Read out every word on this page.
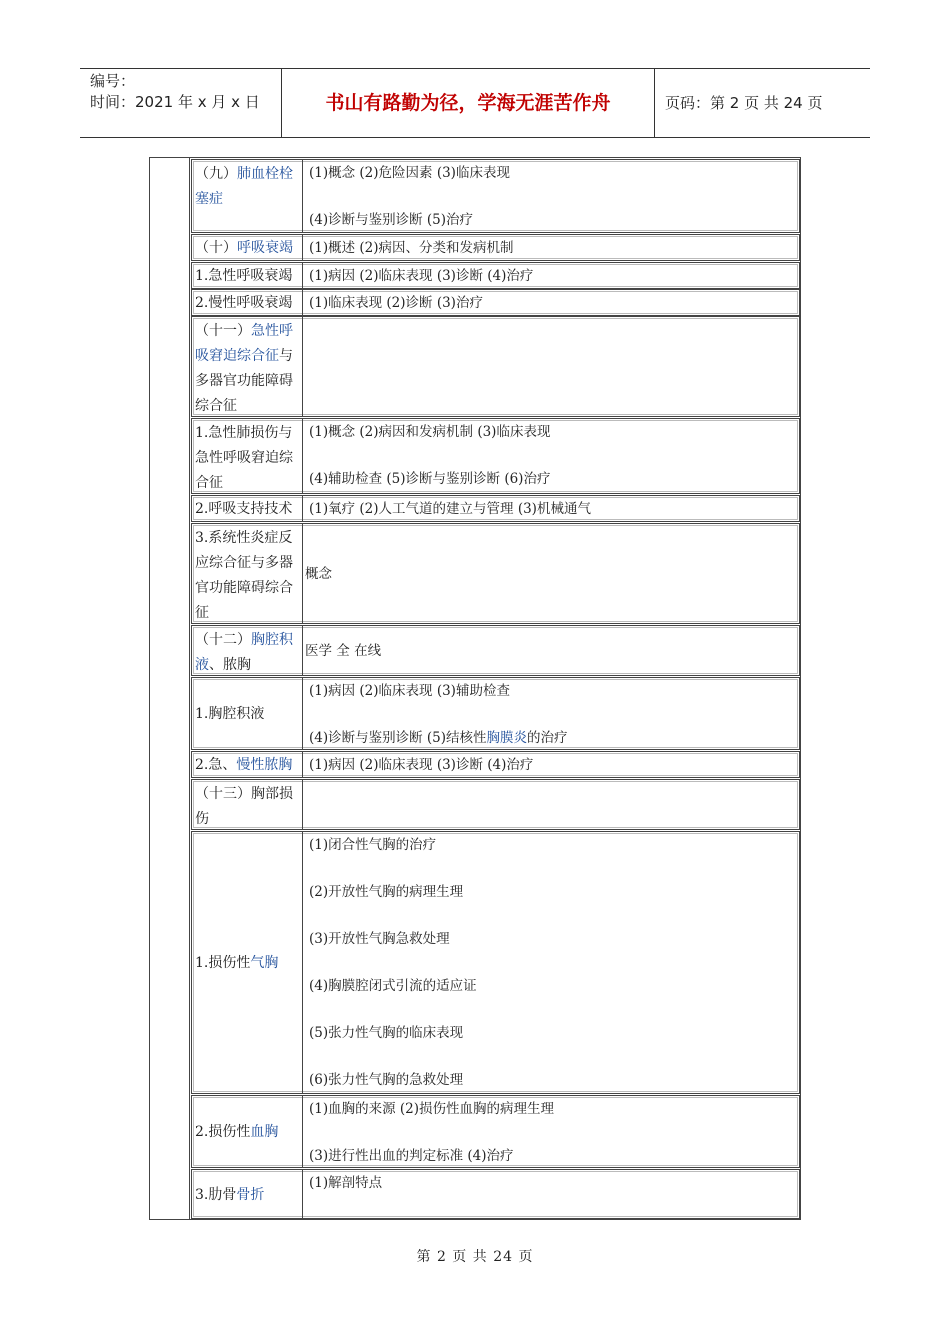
编号：
时间：2021 年 x 月 x 日	书山有路勤为径，学海无涯苦作舟	页码：第 2 页 共 24 页
（九）肺血栓栓塞症
(1)概念 (2)危险因素 (3)临床表现
(4)诊断与鉴别诊断 (5)治疗
（十）呼吸衰竭 (1)概述 (2)病因、分类和发病机制
1.急性呼吸衰竭 (1)病因 (2)临床表现 (3)诊断 (4)治疗
2.慢性呼吸衰竭 (1)临床表现 (2)诊断 (3)治疗
（十一）急性呼吸窘迫综合征与多器官功能障碍综合征
1.急性肺损伤与急性呼吸窘迫综合征
(1)概念 (2)病因和发病机制 (3)临床表现
(4)辅助检查 (5)诊断与鉴别诊断 (6)治疗
2.呼吸支持技术 (1)氧疗 (2)人工气道的建立与管理 (3)机械通气
3.系统性炎症反应综合征与多器官功能障碍综合征
概念
（十二）胸腔积液、脓胸
医学 全 在线
1.胸腔积液
(1)病因 (2)临床表现 (3)辅助检查
(4)诊断与鉴别诊断 (5)结核性胸膜炎的治疗
2.急、慢性脓胸 (1)病因 (2)临床表现 (3)诊断 (4)治疗
（十三）胸部损伤
1.损伤性气胸
(1)闭合性气胸的治疗
(2)开放性气胸的病理生理
(3)开放性气胸急救处理
(4)胸膜腔闭式引流的适应证
(5)张力性气胸的临床表现
(6)张力性气胸的急救处理
2.损伤性血胸
(1)血胸的来源 (2)损伤性血胸的病理生理
(3)进行性出血的判定标准 (4)治疗
3.肋骨骨折
(1)解剖特点
第 2 页 共 24 页
